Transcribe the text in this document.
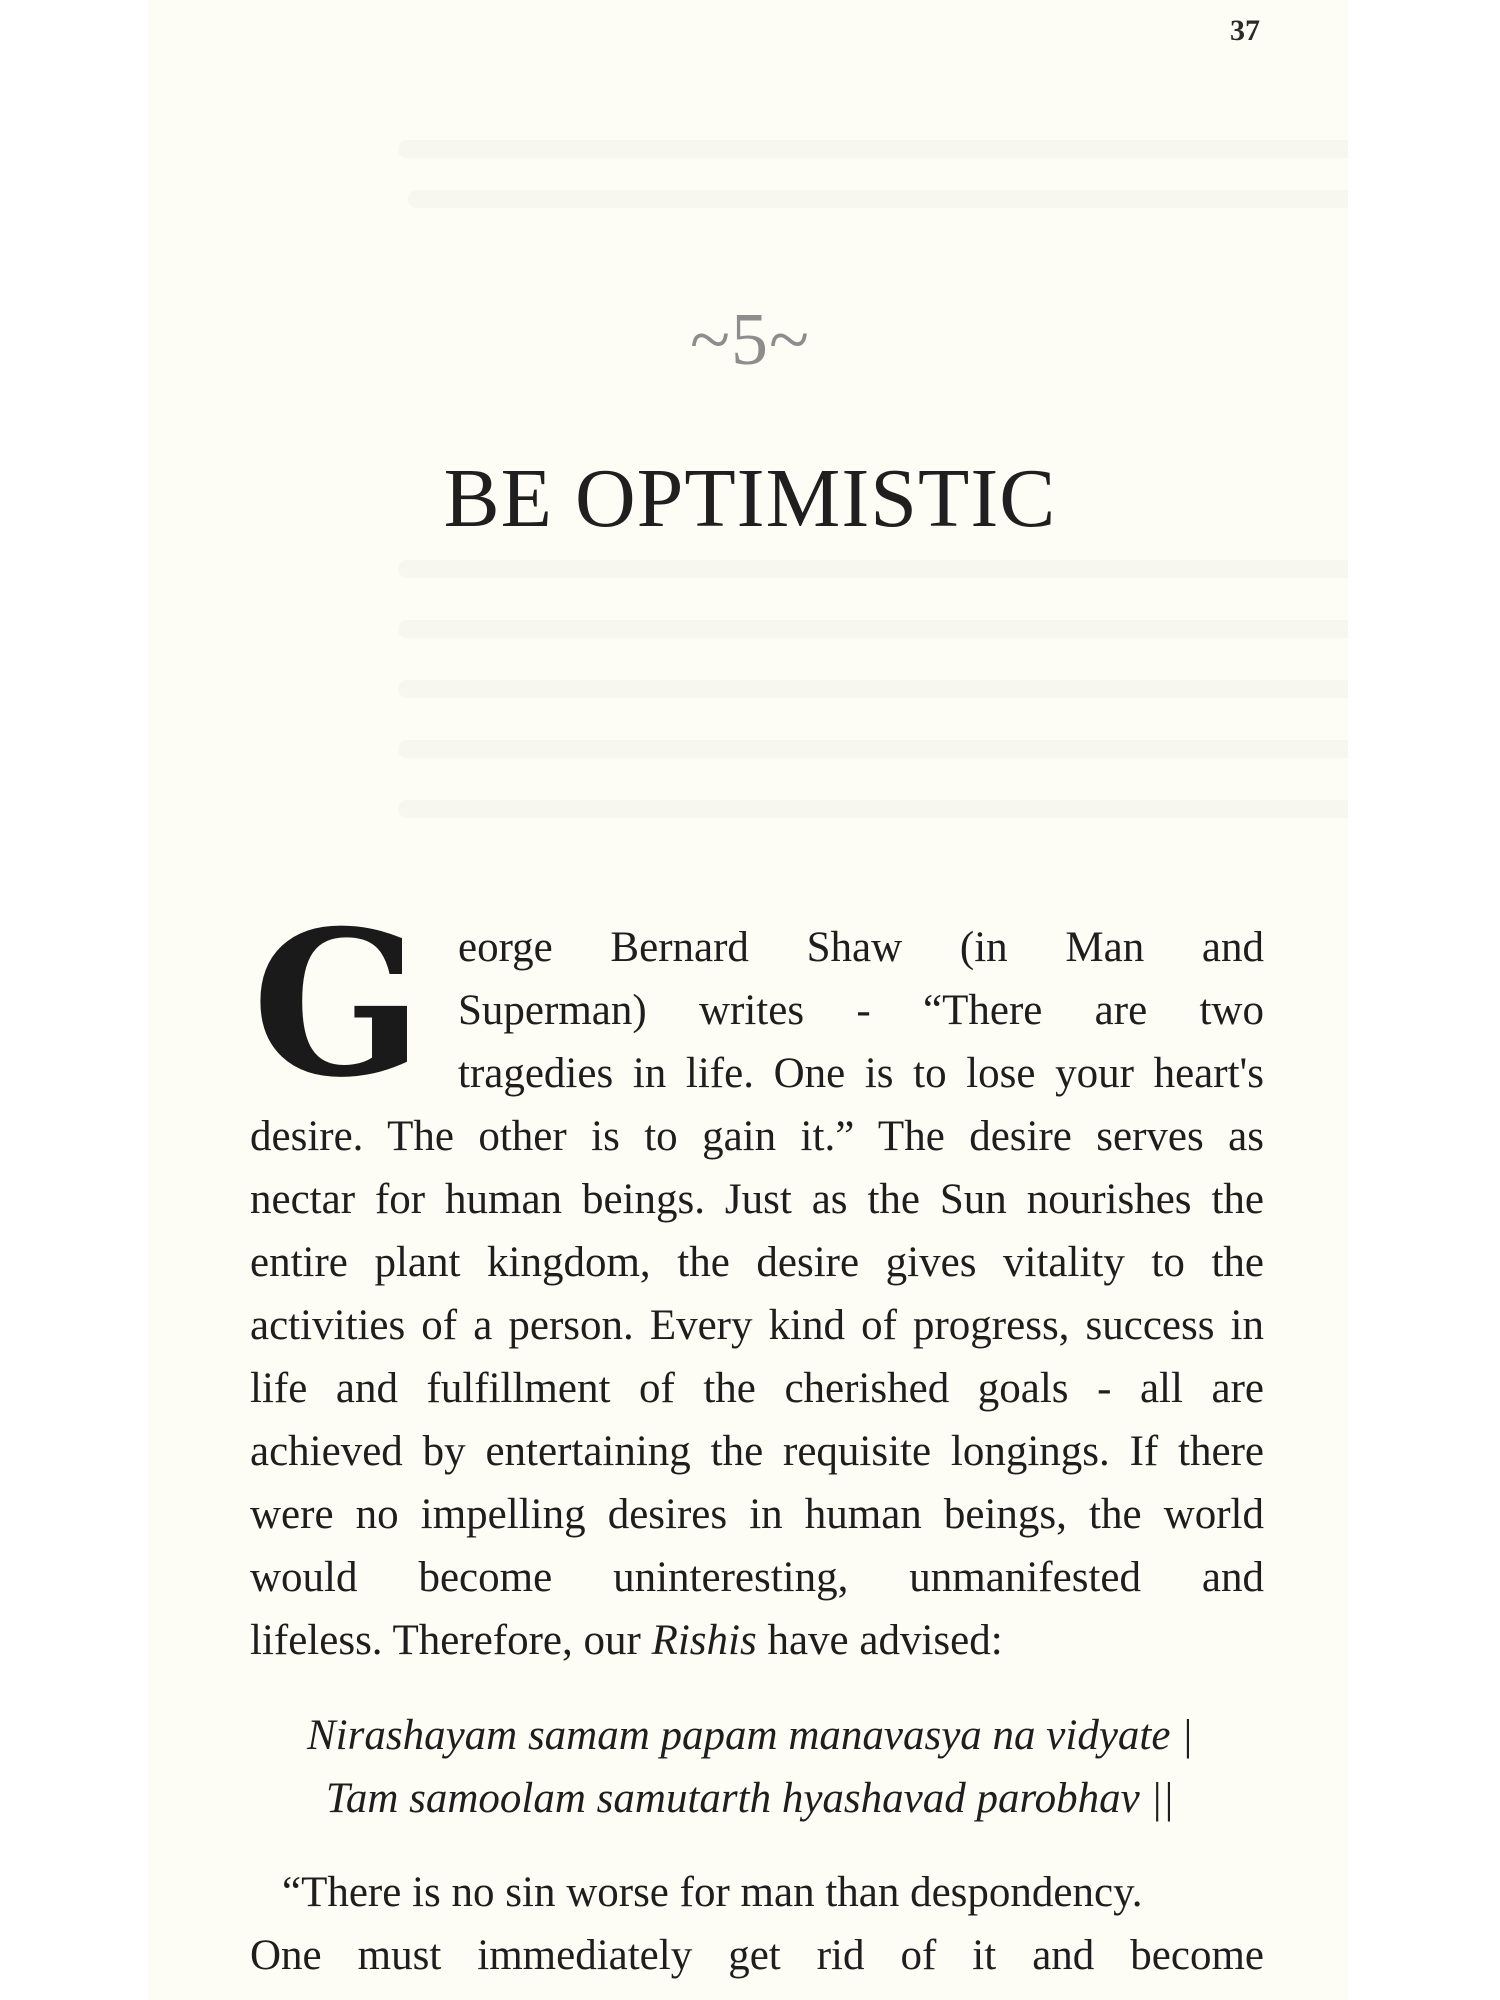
37
~5~
BE OPTIMISTIC
G eorge Bernard Shaw (in Man and
Superman) writes - “There are two
tragedies in life. One is to lose your heart's
desire. The other is to gain it.” The desire serves as
nectar for human beings. Just as the Sun nourishes the
entire plant kingdom, the desire gives vitality to the
activities of a person. Every kind of progress, success in
life and fulfillment of the cherished goals - all are
achieved by entertaining the requisite longings. If there
were no impelling desires in human beings, the world
would become uninteresting, unmanifested and
lifeless. Therefore, our Rishis have advised:
Nirashayam samam papam manavasya na vidyate |
Tam samoolam samutarth hyashavad parobhav ||
“There is no sin worse for man than despondency.
One must immediately get rid of it and become
